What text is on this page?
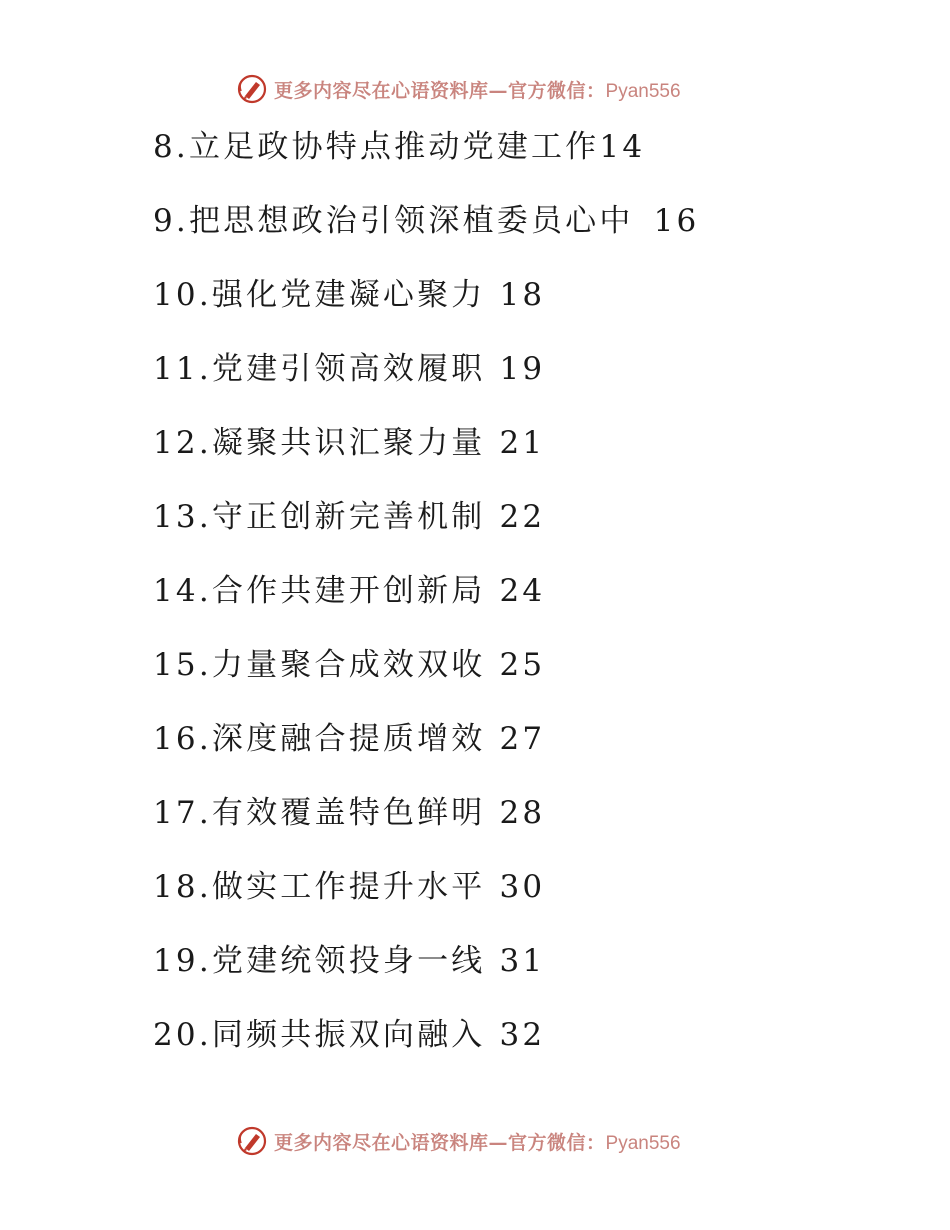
更多内容尽在心语资料库—官方微信：Pyan556
8.立足政协特点推动党建工作14
9.把思想政治引领深植委员心中 16
10.强化党建凝心聚力 18
11.党建引领高效履职 19
12.凝聚共识汇聚力量 21
13.守正创新完善机制 22
14.合作共建开创新局 24
15.力量聚合成效双收 25
16.深度融合提质增效 27
17.有效覆盖特色鲜明 28
18.做实工作提升水平 30
19.党建统领投身一线 31
20.同频共振双向融入 32
更多内容尽在心语资料库—官方微信：Pyan556
